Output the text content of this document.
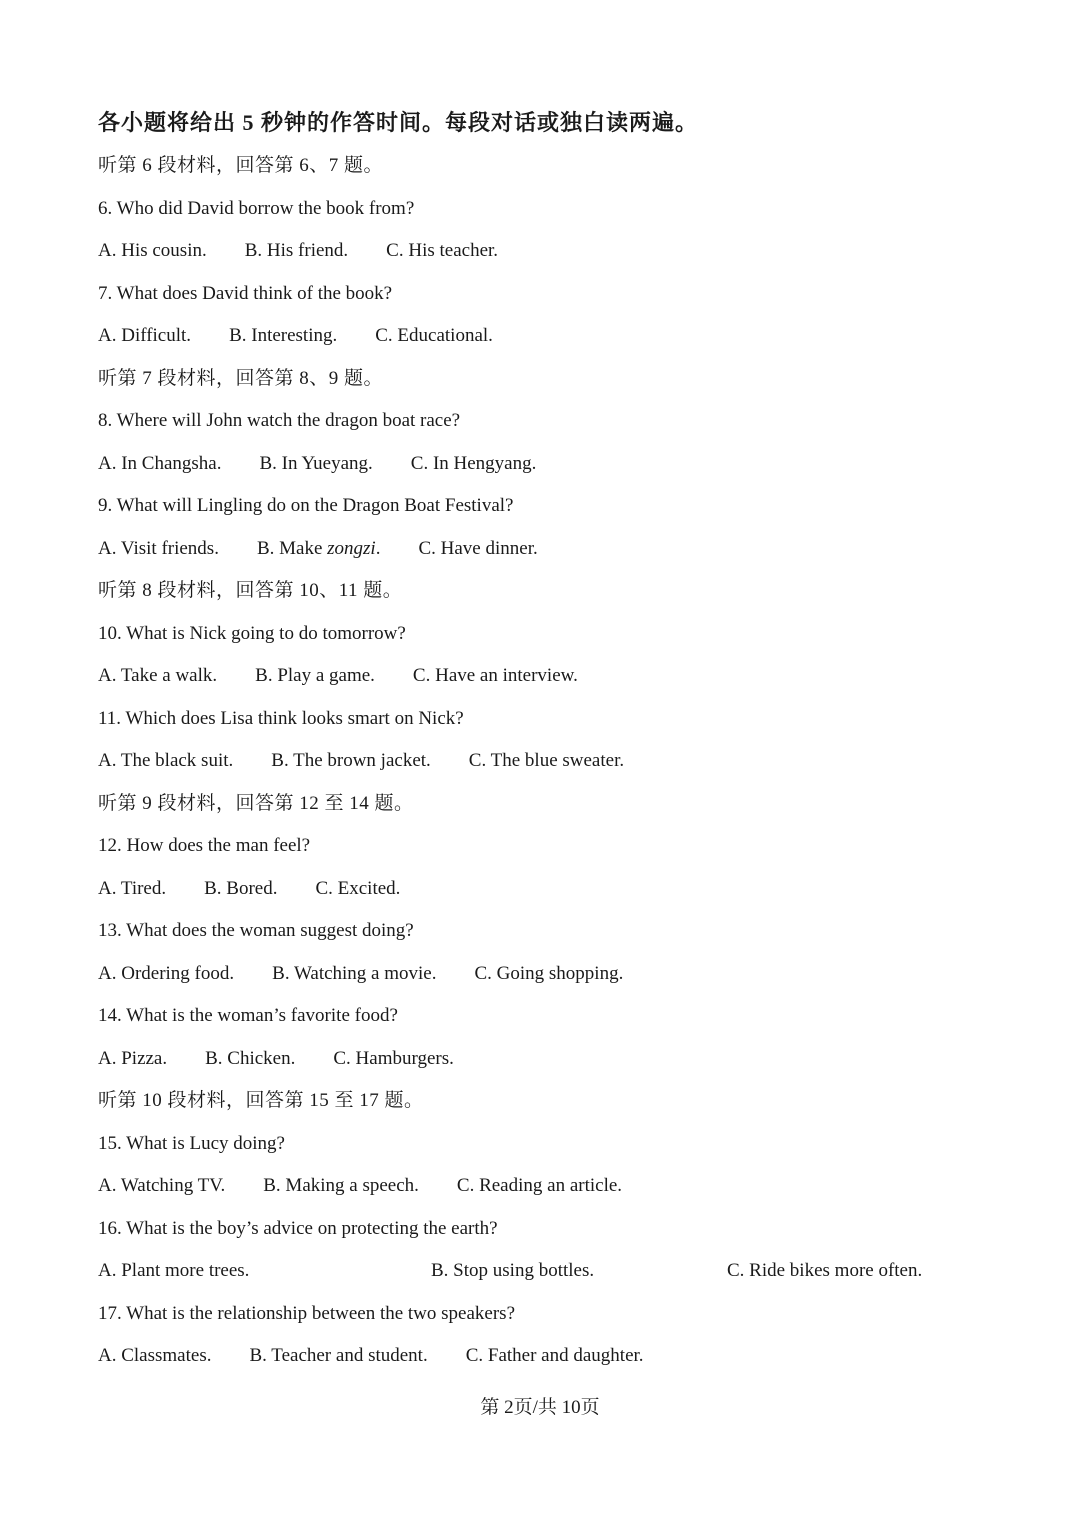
各小题将给出 5 秒钟的作答时间。每段对话或独白读两遍。
听第 6 段材料，回答第 6、7 题。
6. Who did David borrow the book from?
A. His cousin. B. His friend. C. His teacher.
7. What does David think of the book?
A. Difficult. B. Interesting. C. Educational.
听第 7 段材料，回答第 8、9 题。
8. Where will John watch the dragon boat race?
A. In Changsha. B. In Yueyang. C. In Hengyang.
9. What will Lingling do on the Dragon Boat Festival?
A. Visit friends. B. Make zongzi. C. Have dinner.
听第 8 段材料，回答第 10、11 题。
10. What is Nick going to do tomorrow?
A. Take a walk. B. Play a game. C. Have an interview.
11. Which does Lisa think looks smart on Nick?
A. The black suit. B. The brown jacket. C. The blue sweater.
听第 9 段材料，回答第 12 至 14 题。
12. How does the man feel?
A. Tired. B. Bored. C. Excited.
13. What does the woman suggest doing?
A. Ordering food. B. Watching a movie. C. Going shopping.
14. What is the woman’s favorite food?
A. Pizza. B. Chicken. C. Hamburgers.
听第 10 段材料，回答第 15 至 17 题。
15. What is Lucy doing?
A. Watching TV. B. Making a speech. C. Reading an article.
16. What is the boy’s advice on protecting the earth?
A. Plant more trees.	B. Stop using bottles.	C. Ride bikes more often.
17. What is the relationship between the two speakers?
A. Classmates. B. Teacher and student. C. Father and daughter.
第 2页/共 10页
